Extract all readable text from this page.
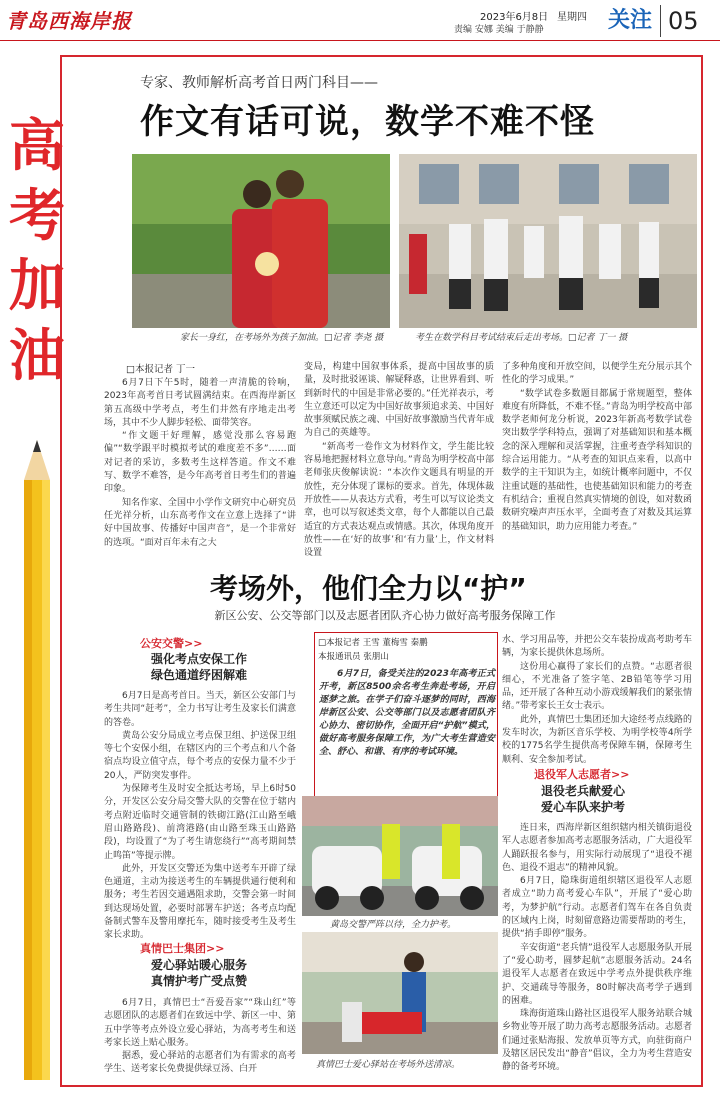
青岛西海岸报	2023年6月8日 星期四
责编 安娜 美编 于静静	关注 05
高
考
加
油
专家、教师解析高考首日两门科目——
作文有话可说，数学不难不怪
家长一身红，在考场外为孩子加油。□记者 李尧 摄	考生在数学科目考试结束后走出考场。□记者 丁一 摄
□本报记者 丁一

6月7日下午5时，随着一声清脆的铃响，2023年高考首日考试圆满结束。在西海岸新区第五高级中学考点，考生们井然有序地走出考场，其中不少人脚步轻松、面带笑容。

“作文题干好理解，感觉没那么容易跑偏”“数学跟平时模拟考试的难度差不多”……面对记者的采访，多数考生这样答道。作文不难写、数学不难答，是今年高考首日考生们的普遍印象。

知名作家、全国中小学作文研究中心研究员任光祥分析，山东高考作文在立意上选择了“讲好中国故事、传播好中国声音”，是一个非常好的选项。“面对百年未有之大

变局，构建中国叙事体系，提高中国故事的质量，及时批驳诬谈、解疑释惑，让世界看到、听到新时代的中国是非常必要的。”任光祥表示，考生立意还可以定为中国好故事须追求美、中国好故事须赋民族之魂、中国好故事激励当代青年成为自己的英雄等。

“新高考一卷作文为材料作文，学生能比较容易地把握材料立意导向。”青岛为明学校高中部老师张庆俊解读说：“本次作文题具有明显的开放性，充分体现了课标的要求。首先，体现体裁开放性——从表达方式看，考生可以写议论类文章，也可以写叙述类文章，每个人都能以自己最适宜的方式表达观点或情感。其次，体现角度开放性——在‘好的故事’和‘有力量’上，作文材料设置

了多种角度和开放空间，以便学生充分展示其个性化的学习成果。”

“数学试卷多数题目都属于常规题型，整体难度有所降低，不难不怪。”青岛为明学校高中部数学老师何龙分析说，2023年新高考数学试卷突出数学学科特点，强调了对基础知识和基本概念的深入理解和灵活掌握，注重考查学科知识的综合运用能力。“从考查的知识点来看，以高中数学的主干知识为主，如统计概率问题中，不仅注重试题的基础性，也使基础知识和能力的考查有机结合；重视自然真实情境的创设，如对数函数研究噪声声压水平，全面考查了对数及其运算的基础知识，助力应用能力考查。”

考场外，他们全力以“护”
新区公安、公交等部门以及志愿者团队齐心协力做好高考服务保障工作
公安交警>>
强化考点安保工作
绿色通道纾困解难

6月7日是高考首日。当天，新区公安部门与考生共同“赶考”，全力书写让考生及家长们满意的答卷。

黄岛公安分局成立考点保卫组、护送保卫组等七个安保小组，在辖区内的三个考点和八个备宿点均设立值守点，每个考点的安保力量不少于20人，严防突发事件。

为保障考生及时安全抵达考场，早上6时50分，开发区公安分局交警大队的交警在位于辖内考点附近临时交通管制的铁砌江路(江山路至峨眉山路路段)、前湾港路(由山路至珠玉山路路段)，均设置了“为了考生请您绕行”“高考期间禁止鸣笛”等提示牌。

此外，开发区交警还为集中送考车开辟了绿色通道，主动为接送考生的车辆提供通行便利和服务；考生若因交通遇阻求助，交警会第一时间到达现场处置，必要时部署车护送；各考点均配备制式警车及警用摩托车，随时接受考生及考生家长求助。

真情巴士集团>>
爱心驿站暖心服务
真情护考广受点赞

6月7日，真情巴士“吾爱吾家”“珠山红”等志愿团队的志愿者们在致远中学、新区一中、第五中学等考点外设立爱心驿站，为高考考生和送考家长送上贴心服务。

据悉，爱心驿站的志愿者们为有需求的高考学生、送考家长免费提供绿豆汤、白开

□本报记者 王雪 董梅雪 秦鹏
本报通讯员 张朋山

6月7日，备受关注的2023年高考正式开考，新区8500余名考生奔赴考场，开启逐梦之旅。在学子们奋斗逐梦的同时，西海岸新区公安、公交等部门以及志愿者团队齐心协力、密切协作，全面开启“护航”模式，做好高考服务保障工作，为广大考生营造安全、舒心、和谐、有序的考试环境。

黄岛交警严阵以待，全力护考。
真情巴士爱心驿站在考场外送清凉。

水、学习用品等，并把公交车装扮成高考助考车辆，为家长提供休息场所。

这份用心赢得了家长们的点赞。“志愿者很细心，不光准备了签字笔、2B铅笔等学习用品，还开展了各种互动小游戏缓解我们的紧张情绪。”带考家长王女士表示。

此外，真情巴士集团还加大途经考点线路的发车时次，为新区音乐学校、为明学校等4所学校的1775名学生提供高考保障车辆，保障考生顺利、安全参加考试。

退役军人志愿者>>
退役老兵献爱心
爱心车队来护考

连日来，西海岸新区组织辖内相关镇街退役军人志愿者参加高考志愿服务活动，广大退役军人踊跃报名参与，用实际行动展现了“退役不褪色、退役不退志”的精神风貌。

6月7日，隐珠街道组织辖区退役军人志愿者成立“助力高考爱心车队”，开展了“爱心助考，为梦护航”行动。志愿者们驾车在各自负责的区域内上岗，时刻留意路边需要帮助的考生，提供“捎手即停”服务。

辛安街道“老兵情”退役军人志愿服务队开展了“爱心助考，圆梦起航”志愿服务活动。24名退役军人志愿者在致远中学考点外提供秩序维护、交通疏导等服务，80时解决高考学子遇到的困难。

珠海街道珠山路社区退役军人服务站联合城乡物业等开展了助力高考志愿服务活动。志愿者们通过张贴海报、发放单页等方式，向驻街商户及辖区居民发出“静音”倡议，全力为考生营造安静的备考环境。
